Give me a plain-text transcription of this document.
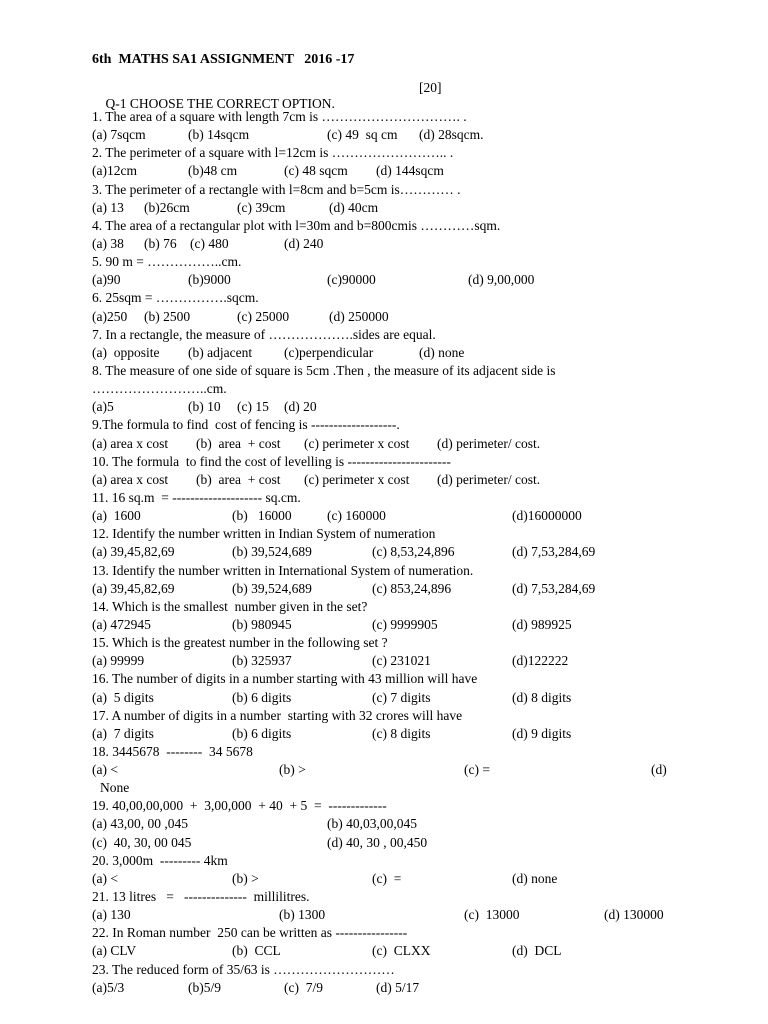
6th  MATHS SA1 ASSIGNMENT   2016 -17

Q-1 CHOOSE THE CORRECT OPTION.

[20]

1. The area of a square with length 7cm is …………………………. .
(a) 7sqcm	(b) 14sqcm	(c) 49  sq cm (d) 28sqcm.
2. The perimeter of a square with l=12cm is …………………….. .
(a)12cm	(b)48 cm	(c) 48 sqcm (d) 144sqcm
3. The perimeter of a rectangle with l=8cm and b=5cm is………… .
(a) 13 (b)26cm	(c) 39cm	(d) 40cm
4. The area of a rectangular plot with l=30m and b=800cmis …………sqm.
(a) 38 (b) 76 (c) 480	(d) 240
5. 90 m = ……………..cm.
(a)90	(b)9000	(c)90000	(d) 9,00,000
6. 25sqm = …………….sqcm.
(a)250 (b) 2500	(c) 25000	(d) 250000
7. In a rectangle, the measure of ……………….sides are equal.
(a)  opposite (b) adjacent (c)perpendicular	(d) none
8. The measure of one side of square is 5cm .Then , the measure of its adjacent side is
……………………..cm.
(a)5	(b) 10 (c) 15 (d) 20
9.The formula to find  cost of fencing is -------------------.
(a) area x cost (b)  area  + cost (c) perimeter x cost (d) perimeter/ cost.
10. The formula  to find the cost of levelling is -----------------------
(a) area x cost (b)  area  + cost (c) perimeter x cost (d) perimeter/ cost.
11. 16 sq.m  = -------------------- sq.cm.
(a)  1600	(b)   16000	(c) 160000	(d)16000000
12. Identify the number written in Indian System of numeration
(a) 39,45,82,69	(b) 39,524,689	(c) 8,53,24,896	(d) 7,53,284,69
13. Identify the number written in International System of numeration.
(a) 39,45,82,69	(b) 39,524,689	(c) 853,24,896	(d) 7,53,284,69
14. Which is the smallest  number given in the set?
(a) 472945	(b) 980945	(c) 9999905	(d) 989925
15. Which is the greatest number in the following set ?
(a) 99999	(b) 325937	(c) 231021	(d)122222
16. The number of digits in a number starting with 43 million will have
(a)  5 digits	(b) 6 digits	(c) 7 digits	(d) 8 digits
17. A number of digits in a number  starting with 32 crores will have
(a)  7 digits	(b) 6 digits	(c) 8 digits	(d) 9 digits
18. 3445678  --------  34 5678
(a) <	(b) >	(c) =	(d)
None
19. 40,00,00,000  +  3,00,000  + 40  + 5  =  -------------
(a) 43,00, 00 ,045	(b) 40,03,00,045
(c)  40, 30, 00 045	(d) 40, 30 , 00,450
20. 3,000m  --------- 4km
(a) <	(b) >	(c)  =	(d) none
21. 13 litres   =   --------------  millilitres.
(a) 130	(b) 1300	(c)  13000	(d) 130000
22. In Roman number  250 can be written as ----------------
(a) CLV	(b)  CCL	(c)  CLXX	(d)  DCL
23. The reduced form of 35/63 is ………………………
(a)5/3	(b)5/9	(c)  7/9	(d) 5/17
